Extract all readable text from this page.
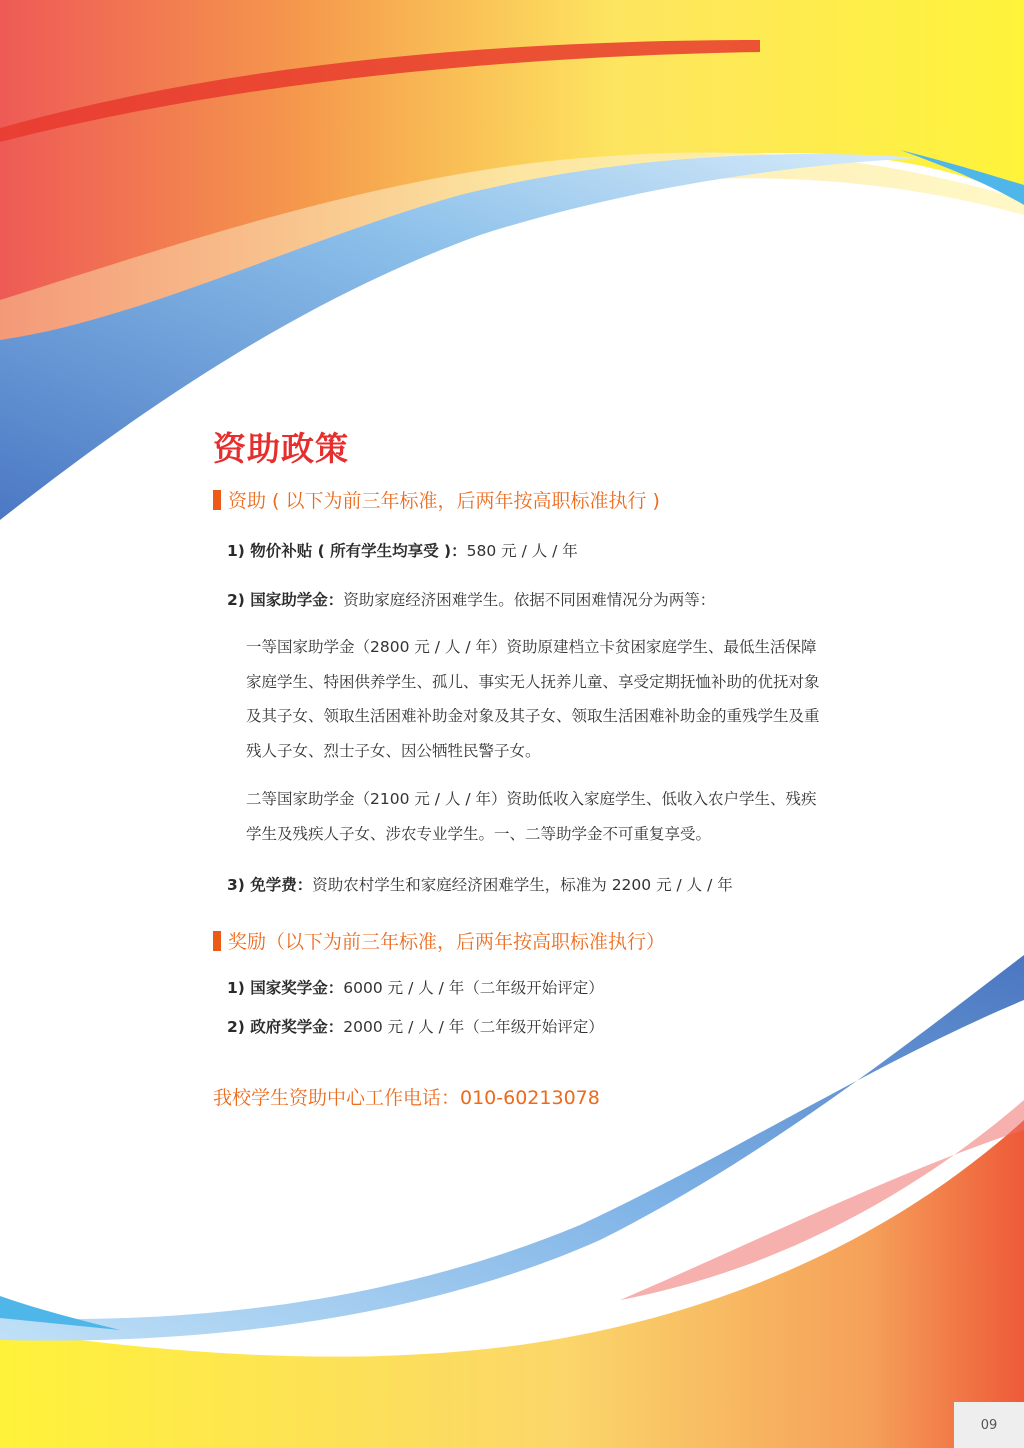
资助政策
资助 ( 以下为前三年标准，后两年按高职标准执行 )
1) 物价补贴 ( 所有学生均享受 )：580 元 / 人 / 年
2) 国家助学金：资助家庭经济困难学生。依据不同困难情况分为两等：
一等国家助学金（2800 元 / 人 / 年）资助原建档立卡贫困家庭学生、最低生活保障家庭学生、特困供养学生、孤儿、事实无人抚养儿童、享受定期抚恤补助的优抚对象及其子女、领取生活困难补助金对象及其子女、领取生活困难补助金的重残学生及重残人子女、烈士子女、因公牺牲民警子女。
二等国家助学金（2100 元 / 人 / 年）资助低收入家庭学生、低收入农户学生、残疾学生及残疾人子女、涉农专业学生。一、二等助学金不可重复享受。
3) 免学费：资助农村学生和家庭经济困难学生，标准为 2200 元 / 人 / 年
奖励（以下为前三年标准，后两年按高职标准执行）
1) 国家奖学金：6000 元 / 人 / 年（二年级开始评定）
2) 政府奖学金：2000 元 / 人 / 年（二年级开始评定）
我校学生资助中心工作电话：010-60213078
09
